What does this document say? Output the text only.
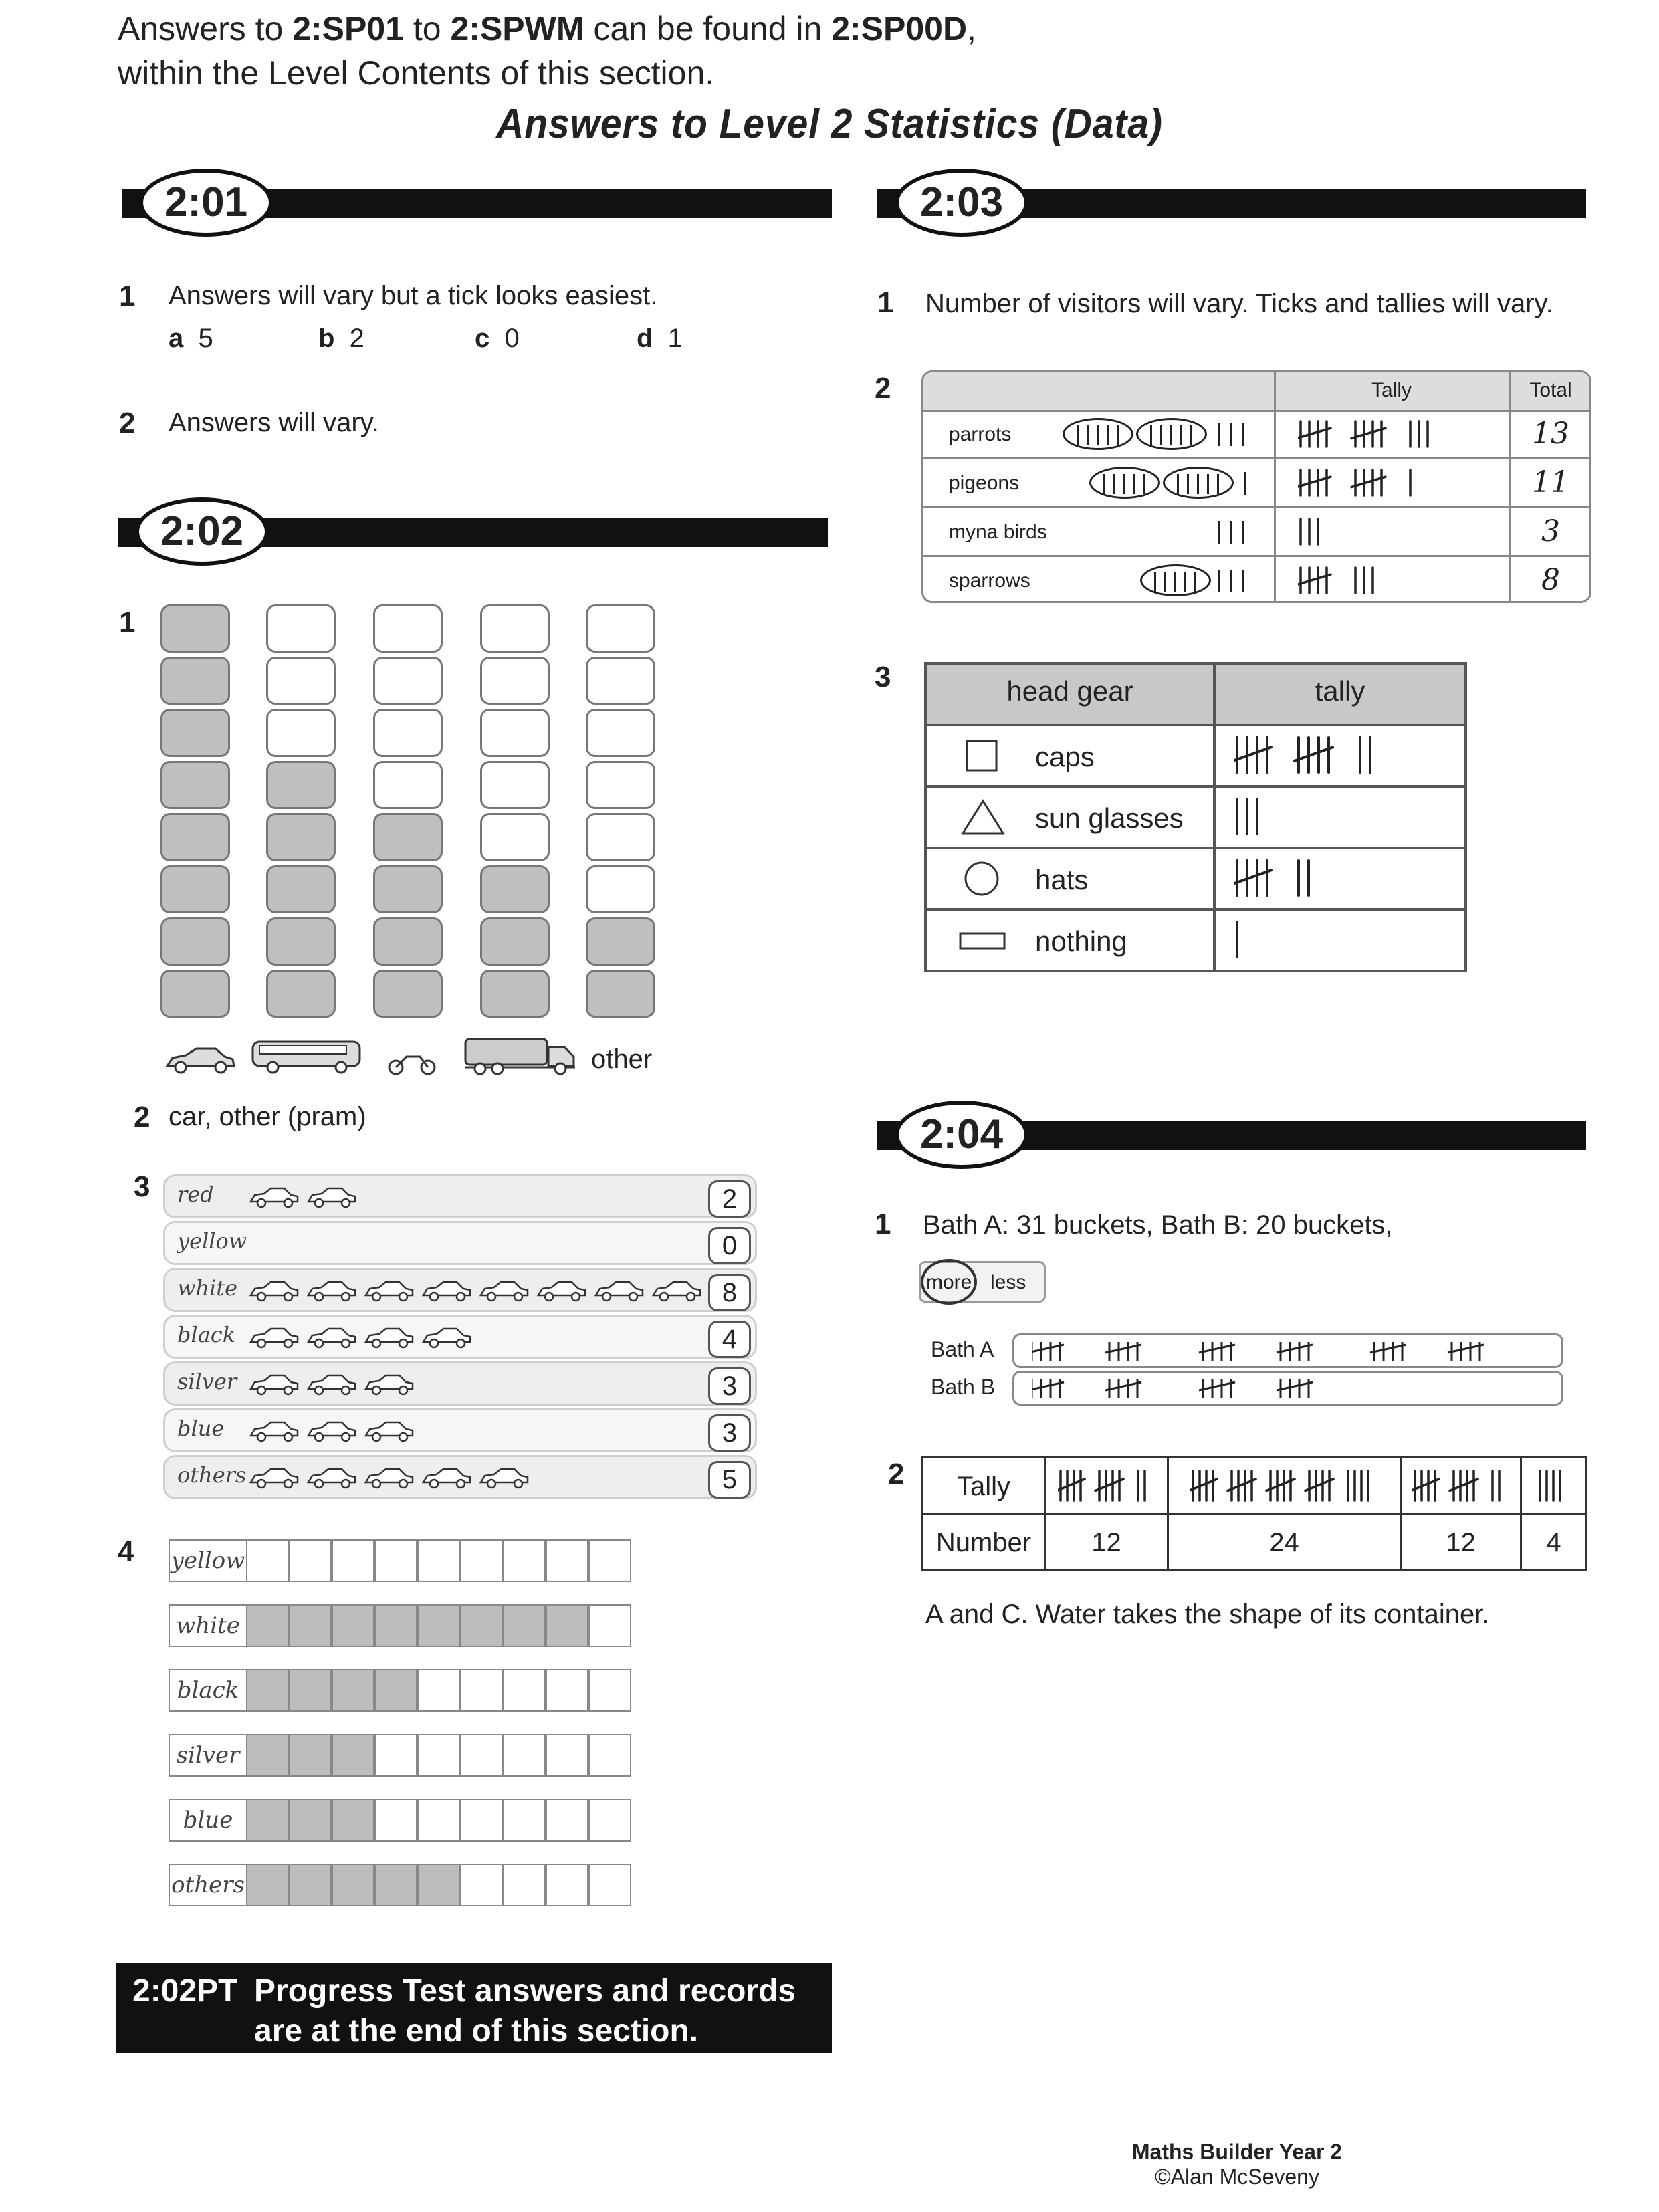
Answers to 2:SP01 to 2:SPWM can be found in 2:SP00D,
within the Level Contents of this section.
Answers to Level 2 Statistics (Data)
2:01
1 Answers will vary but a tick looks easiest.
a 5	b 2	c 0	d 1
2 Answers will vary.
2:02
1
other
2 car, other (pram)
3 red	2
yellow	0
white	8
black	4
silver	3
blue	3
others	5
4 yellow
white
black
silver
blue
others
2:02PT Progress Test answers and records
are at the end of this section.
2:03
1 Number of visitors will vary. Ticks and tallies will vary.
2	Tally	Total
parrots	13
pigeons	11
myna birds	3
sparrows	8
3	head gear	tally
caps
sun glasses
hats
nothing
2:04
1 Bath A: 31 buckets, Bath B: 20 buckets,
more less
Bath A
Bath B
2	Tally
Number	12	24	12	4
A and C. Water takes the shape of its container.
Maths Builder Year 2
©Alan McSeveny
